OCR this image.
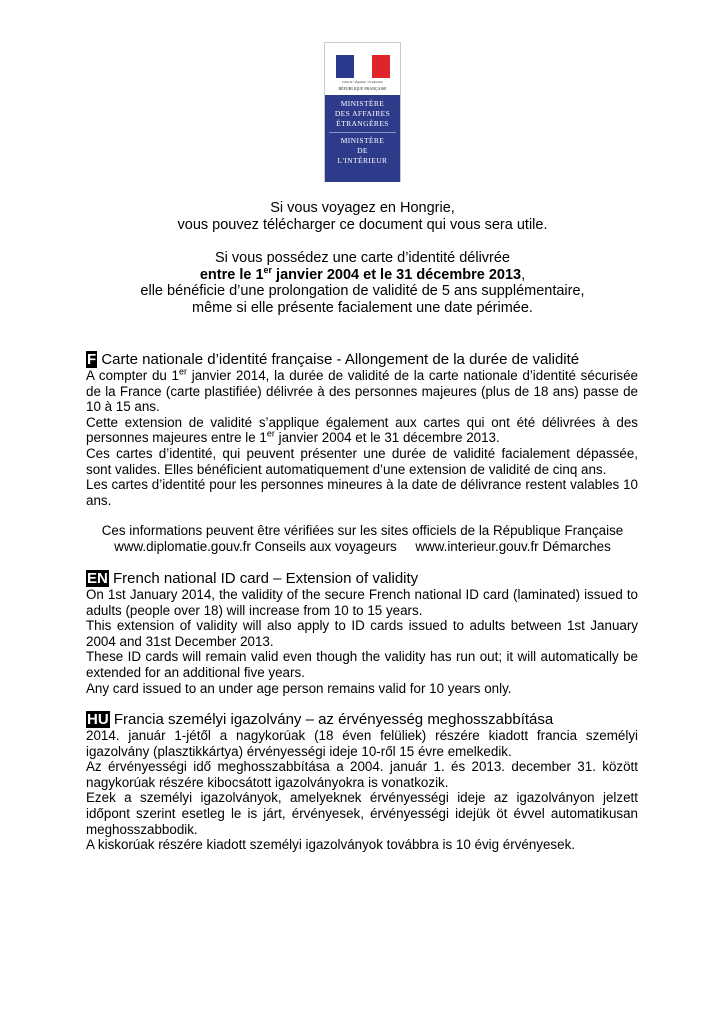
Liberté • Égalité • Fraternité
RÉPUBLIQUE FRANÇAISE
MINISTÈRE
DES AFFAIRES
ÉTRANGÈRES
MINISTÈRE
DE
L'INTÉRIEUR
Si vous voyagez en Hongrie,
vous pouvez télécharger ce document qui vous sera utile.
Si vous possédez une carte d’identité délivrée
entre le 1er janvier 2004 et le 31 décembre 2013,
elle bénéficie d’une prolongation de validité de 5 ans supplémentaire,
même si elle présente facialement une date périmée.
F Carte nationale d’identité française - Allongement de la durée de validité
A compter du 1er janvier 2014, la durée de validité de la carte nationale d’identité sécurisée de la France (carte plastifiée) délivrée à des personnes majeures (plus de 18 ans) passe de 10 à 15 ans.
Cette extension de validité s’applique également aux cartes qui ont été délivrées à des personnes majeures entre le 1er janvier 2004 et le 31 décembre 2013.
Ces cartes d’identité, qui peuvent présenter une durée de validité facialement dépassée, sont valides. Elles bénéficient automatiquement d’une extension de validité de cinq ans.
Les cartes d’identité pour les personnes mineures à la date de délivrance restent valables 10 ans.
Ces informations peuvent être vérifiées sur les sites officiels de la République Française
www.diplomatie.gouv.fr Conseils aux voyageurs www.interieur.gouv.fr Démarches
EN French national ID card – Extension of validity
On 1st January 2014, the validity of the secure French national ID card (laminated) issued to adults (people over 18) will increase from 10 to 15 years.
This extension of validity will also apply to ID cards issued to adults between 1st January 2004 and 31st December 2013.
These ID cards will remain valid even though the validity has run out; it will automatically be extended for an additional five years.
Any card issued to an under age person remains valid for 10 years only.
HU Francia személyi igazolvány – az érvényesség meghosszabbítása
2014. január 1-jétől a nagykorúak (18 éven felüliek) részére kiadott francia személyi igazolvány (plasztikkártya) érvényességi ideje 10-ről 15 évre emelkedik.
Az érvényességi idő meghosszabbítása a 2004. január 1. és 2013. december 31. között nagykorúak részére kibocsátott igazolványokra is vonatkozik.
Ezek a személyi igazolványok, amelyeknek érvényességi ideje az igazolványon jelzett időpont szerint esetleg le is járt, érvényesek, érvényességi idejük öt évvel automatikusan meghosszabbodik.
A kiskorúak részére kiadott személyi igazolványok továbbra is 10 évig érvényesek.
